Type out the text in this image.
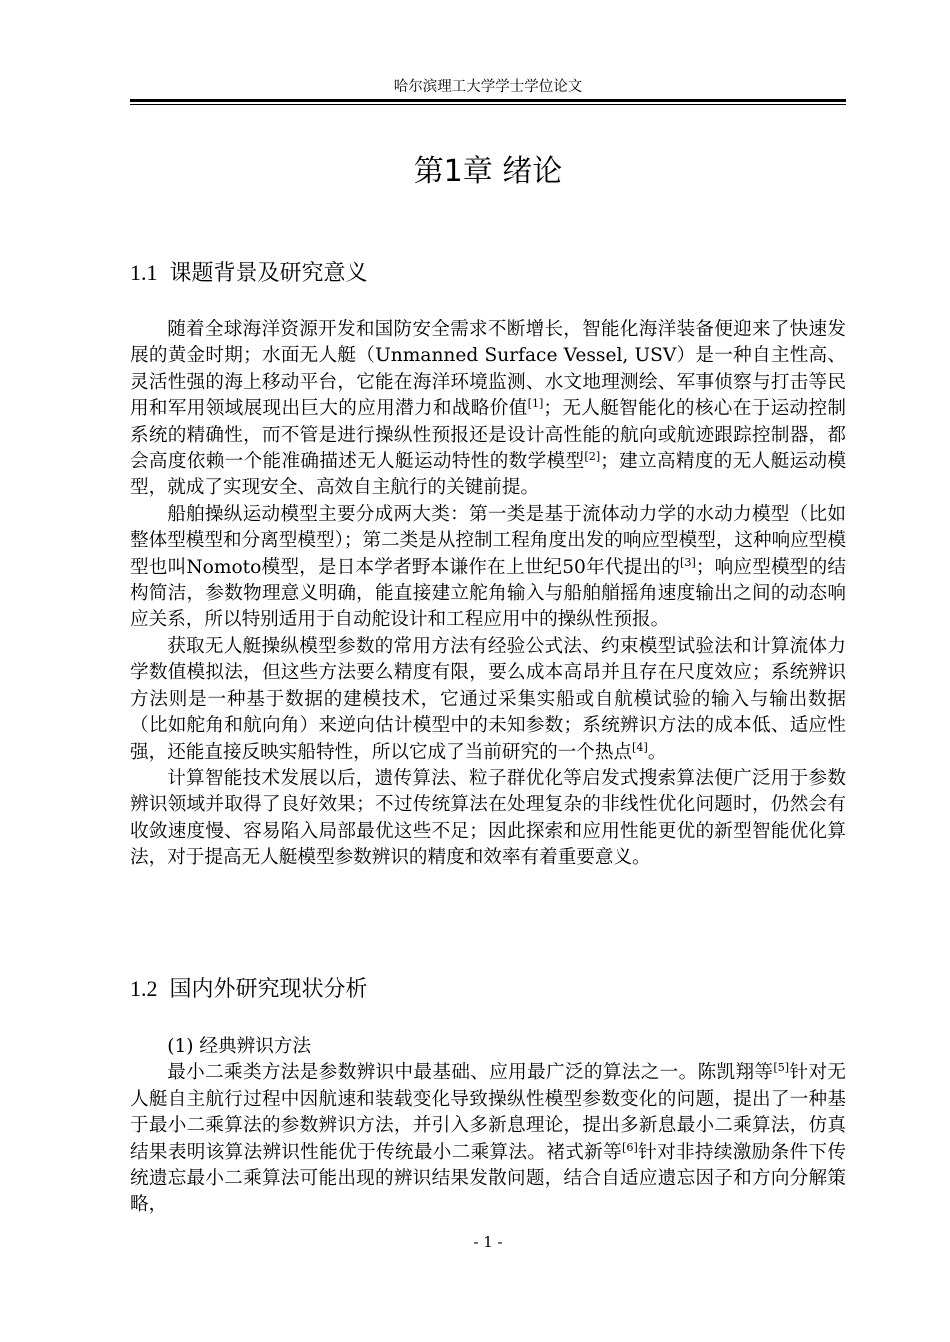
哈尔滨理工大学学士学位论文
第1章 绪论
1.1 课题背景及研究意义

随着全球海洋资源开发和国防安全需求不断增长，智能化海洋装备便迎来了快速发展的黄金时期；水面无人艇（Unmanned Surface Vessel, USV）是一种自主性高、灵活性强的海上移动平台，它能在海洋环境监测、水文地理测绘、军事侦察与打击等民用和军用领域展现出巨大的应用潜力和战略价值[1]；无人艇智能化的核心在于运动控制系统的精确性，而不管是进行操纵性预报还是设计高性能的航向或航迹跟踪控制器，都会高度依赖一个能准确描述无人艇运动特性的数学模型[2]；建立高精度的无人艇运动模型，就成了实现安全、高效自主航行的关键前提。

船舶操纵运动模型主要分成两大类：第一类是基于流体动力学的水动力模型（比如整体型模型和分离型模型）；第二类是从控制工程角度出发的响应型模型，这种响应型模型也叫Nomoto模型，是日本学者野本谦作在上世纪50年代提出的[3]；响应型模型的结构简洁，参数物理意义明确，能直接建立舵角输入与船舶艏摇角速度输出之间的动态响应关系，所以特别适用于自动舵设计和工程应用中的操纵性预报。

获取无人艇操纵模型参数的常用方法有经验公式法、约束模型试验法和计算流体力学数值模拟法，但这些方法要么精度有限，要么成本高昂并且存在尺度效应；系统辨识方法则是一种基于数据的建模技术，它通过采集实船或自航模试验的输入与输出数据（比如舵角和航向角）来逆向估计模型中的未知参数；系统辨识方法的成本低、适应性强，还能直接反映实船特性，所以它成了当前研究的一个热点[4]。

计算智能技术发展以后，遗传算法、粒子群优化等启发式搜索算法便广泛用于参数辨识领域并取得了良好效果；不过传统算法在处理复杂的非线性优化问题时，仍然会有收敛速度慢、容易陷入局部最优这些不足；因此探索和应用性能更优的新型智能优化算法，对于提高无人艇模型参数辨识的精度和效率有着重要意义。

1.2 国内外研究现状分析

(1) 经典辨识方法

最小二乘类方法是参数辨识中最基础、应用最广泛的算法之一。陈凯翔等[5]针对无人艇自主航行过程中因航速和装载变化导致操纵性模型参数变化的问题，提出了一种基于最小二乘算法的参数辨识方法，并引入多新息理论，提出多新息最小二乘算法，仿真结果表明该算法辨识性能优于传统最小二乘算法。褚式新等[6]针对非持续激励条件下传统遗忘最小二乘算法可能出现的辨识结果发散问题，结合自适应遗忘因子和方向分解策略，

- 1 -
